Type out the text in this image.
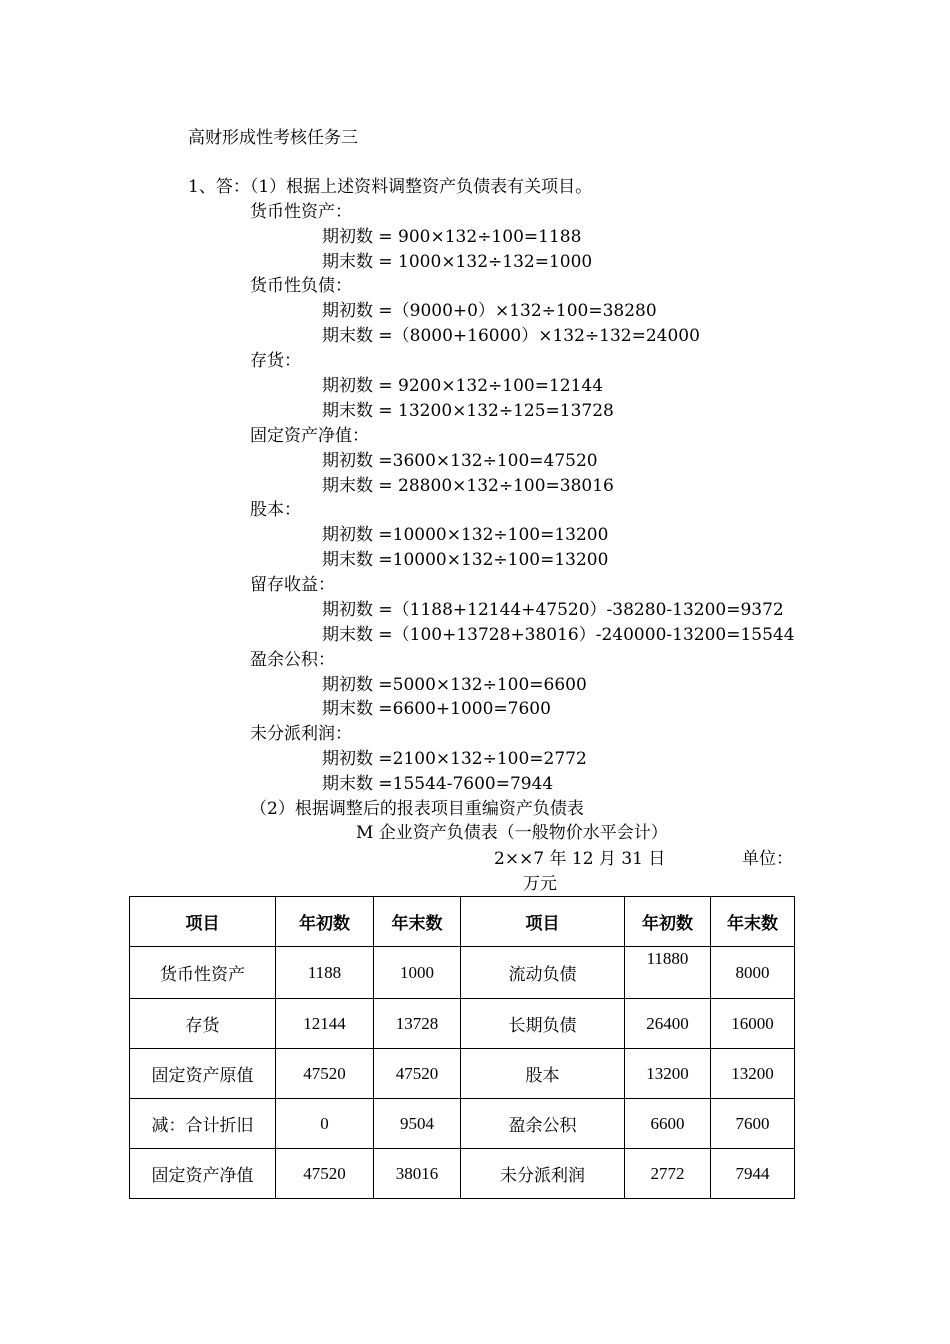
高财形成性考核任务三
1、答：（1）根据上述资料调整资产负债表有关项目。
货币性资产：
期初数 = 900×132÷100=1188
期末数 = 1000×132÷132=1000
货币性负债：
期初数 =（9000+0）×132÷100=38280
期末数 =（8000+16000）×132÷132=24000
存货：
期初数 = 9200×132÷100=12144
期末数 = 13200×132÷125=13728
固定资产净值：
期初数 =3600×132÷100=47520
期末数 = 28800×132÷100=38016
股本：
期初数 =10000×132÷100=13200
期末数 =10000×132÷100=13200
留存收益：
期初数 =（1188+12144+47520）-38280-13200=9372
期末数 =（100+13728+38016）-240000-13200=15544
盈余公积：
期初数 =5000×132÷100=6600
期末数 =6600+1000=7600
未分派利润：
期初数 =2100×132÷100=2772
期末数 =15544-7600=7944
（2）根据调整后的报表项目重编资产负债表
M 企业资产负债表（一般物价水平会计）
2××7 年 12 月 31 日	单位：
万元
项目	年初数	年末数	项目	年初数	年末数
货币性资产	1188	1000	流动负债	11880	8000
存货	12144	13728	长期负债	26400	16000
固定资产原值	47520	47520	股本	13200	13200
减：合计折旧	0	9504	盈余公积	6600	7600
固定资产净值	47520	38016	未分派利润	2772	7944
